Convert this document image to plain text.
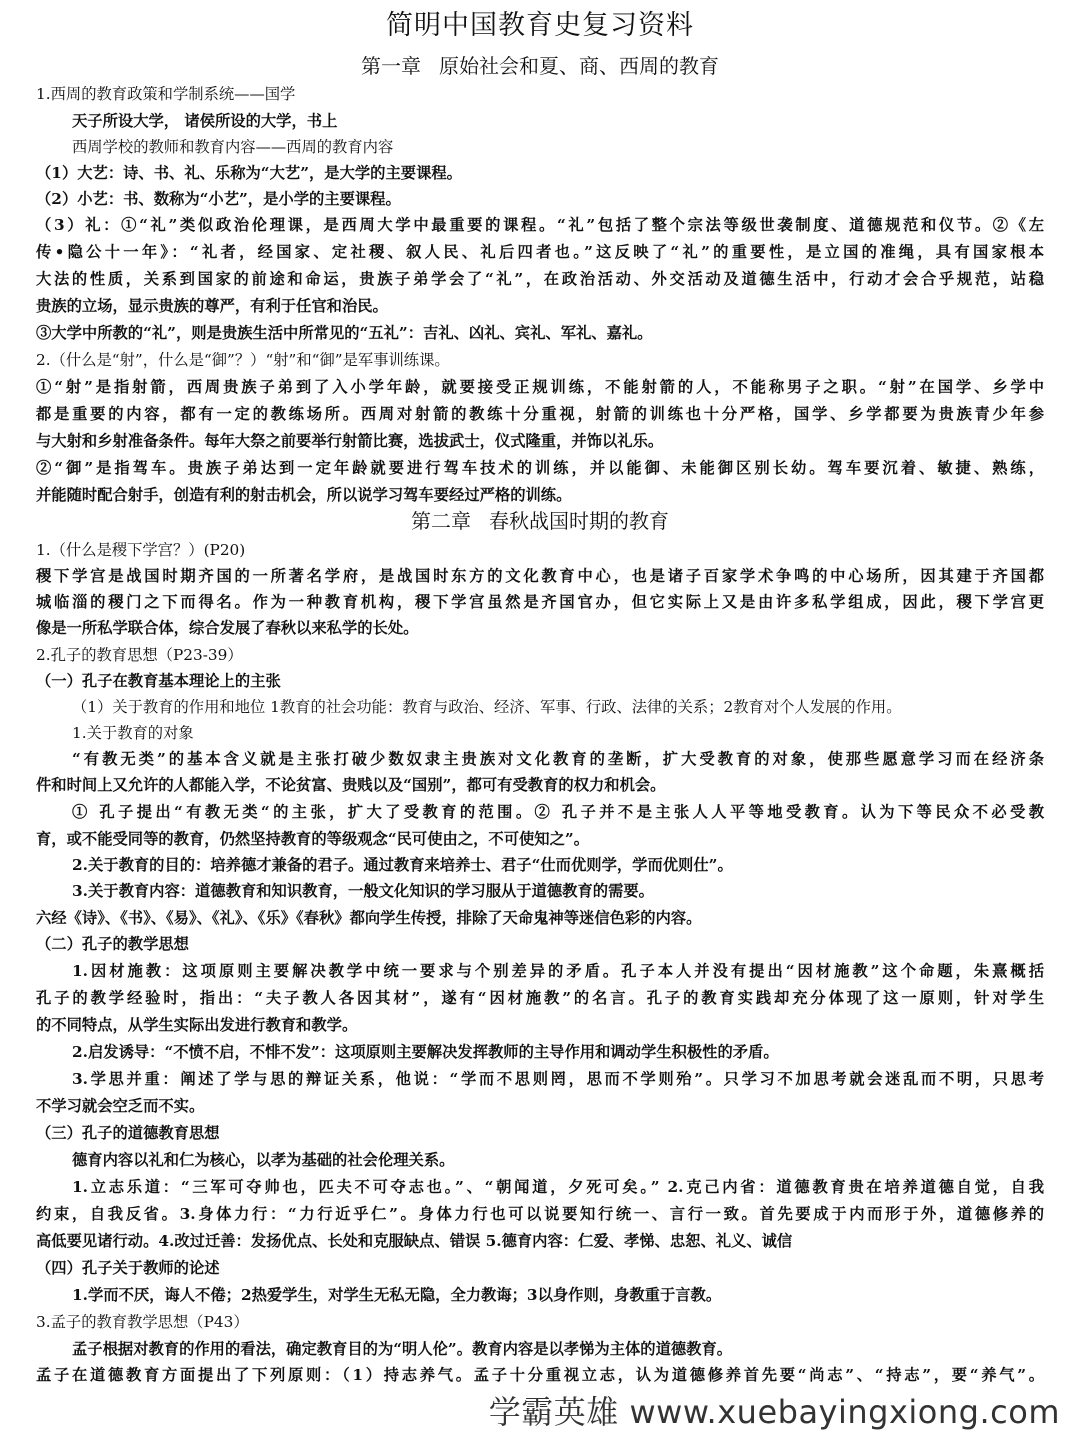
简明中国教育史复习资料
第一章 原始社会和夏、商、西周的教育
1.西周的教育政策和学制系统——国学
天子所设大学， 诸侯所设的大学，书上
西周学校的教师和教育内容——西周的教育内容
（1）大艺：诗、书、礼、乐称为“大艺”，是大学的主要课程。
（2）小艺：书、数称为“小艺”，是小学的主要课程。
（3）礼：①“礼”类似政治伦理课，是西周大学中最重要的课程。“礼”包括了整个宗法等级世袭制度、道德规范和仪节。②《左
传•隐公十一年》：“礼者，经国家、定社稷、叙人民、礼后四者也。”这反映了“礼”的重要性，是立国的准绳，具有国家根本
大法的性质，关系到国家的前途和命运，贵族子弟学会了“礼”，在政治活动、外交活动及道德生活中，行动才会合乎规范，站稳
贵族的立场，显示贵族的尊严，有利于任官和治民。
③大学中所教的“礼”，则是贵族生活中所常见的“五礼”：吉礼、凶礼、宾礼、军礼、嘉礼。
2.（什么是“射”，什么是“御”？）“射”和“御”是军事训练课。
①“射”是指射箭，西周贵族子弟到了入小学年龄，就要接受正规训练，不能射箭的人，不能称男子之职。“射”在国学、乡学中
都是重要的内容，都有一定的教练场所。西周对射箭的教练十分重视，射箭的训练也十分严格，国学、乡学都要为贵族青少年参
与大射和乡射准备条件。每年大祭之前要举行射箭比赛，选拔武士，仪式隆重，并饰以礼乐。
②“御”是指驾车。贵族子弟达到一定年龄就要进行驾车技术的训练，并以能御、未能御区别长幼。驾车要沉着、敏捷、熟练，
并能随时配合射手，创造有利的射击机会，所以说学习驾车要经过严格的训练。
第二章 春秋战国时期的教育
1.（什么是稷下学宫？）(P20)
稷下学宫是战国时期齐国的一所著名学府，是战国时东方的文化教育中心，也是诸子百家学术争鸣的中心场所，因其建于齐国都
城临淄的稷门之下而得名。作为一种教育机构，稷下学宫虽然是齐国官办，但它实际上又是由许多私学组成，因此，稷下学宫更
像是一所私学联合体，综合发展了春秋以来私学的长处。
2.孔子的教育思想（P23-39）
（一）孔子在教育基本理论上的主张
（1）关于教育的作用和地位 1教育的社会功能：教育与政治、经济、军事、行政、法律的关系；2教育对个人发展的作用。
1.关于教育的对象
“有教无类”的基本含义就是主张打破少数奴隶主贵族对文化教育的垄断，扩大受教育的对象，使那些愿意学习而在经济条
件和时间上又允许的人都能入学，不论贫富、贵贱以及“国别”，都可有受教育的权力和机会。
① 孔子提出“有教无类“的主张，扩大了受教育的范围。② 孔子并不是主张人人平等地受教育。认为下等民众不必受教
育，或不能受同等的教育，仍然坚持教育的等级观念“民可使由之，不可使知之”。
2.关于教育的目的：培养德才兼备的君子。通过教育来培养士、君子“仕而优则学，学而优则仕”。
3.关于教育内容：道德教育和知识教育，一般文化知识的学习服从于道德教育的需要。
六经《诗》、《书》、《易》、《礼》、《乐》《春秋》都向学生传授，排除了天命鬼神等迷信色彩的内容。
（二）孔子的教学思想
1.因材施教：这项原则主要解决教学中统一要求与个别差异的矛盾。孔子本人并没有提出“因材施教”这个命题，朱熹概括
孔子的教学经验时，指出：“夫子教人各因其材”，遂有“因材施教”的名言。孔子的教育实践却充分体现了这一原则，针对学生
的不同特点，从学生实际出发进行教育和教学。
2.启发诱导：“不愤不启，不悱不发”：这项原则主要解决发挥教师的主导作用和调动学生积极性的矛盾。
3.学思并重：阐述了学与思的辩证关系，他说：“学而不思则罔，思而不学则殆”。只学习不加思考就会迷乱而不明，只思考
不学习就会空乏而不实。
（三）孔子的道德教育思想
德育内容以礼和仁为核心，以孝为基础的社会伦理关系。
1.立志乐道：“三军可夺帅也，匹夫不可夺志也。”、“朝闻道，夕死可矣。” 2.克己内省：道德教育贵在培养道德自觉，自我
约束，自我反省。3.身体力行：“力行近乎仁”。身体力行也可以说要知行统一、言行一致。首先要成于内而形于外，道德修养的
高低要见诸行动。4.改过迁善：发扬优点、长处和克服缺点、错误 5.德育内容：仁爱、孝悌、忠恕、礼义、诚信
（四）孔子关于教师的论述
1.学而不厌，诲人不倦；2热爱学生，对学生无私无隐，全力教诲；3以身作则，身教重于言教。
3.孟子的教育教学思想（P43）
孟子根据对教育的作用的看法，确定教育目的为“明人伦”。教育内容是以孝悌为主体的道德教育。
孟子在道德教育方面提出了下列原则：（1）持志养气。孟子十分重视立志，认为道德修养首先要“尚志”、“持志”，要“养气”。
学霸英雄 www.xuebayingxiong.com
